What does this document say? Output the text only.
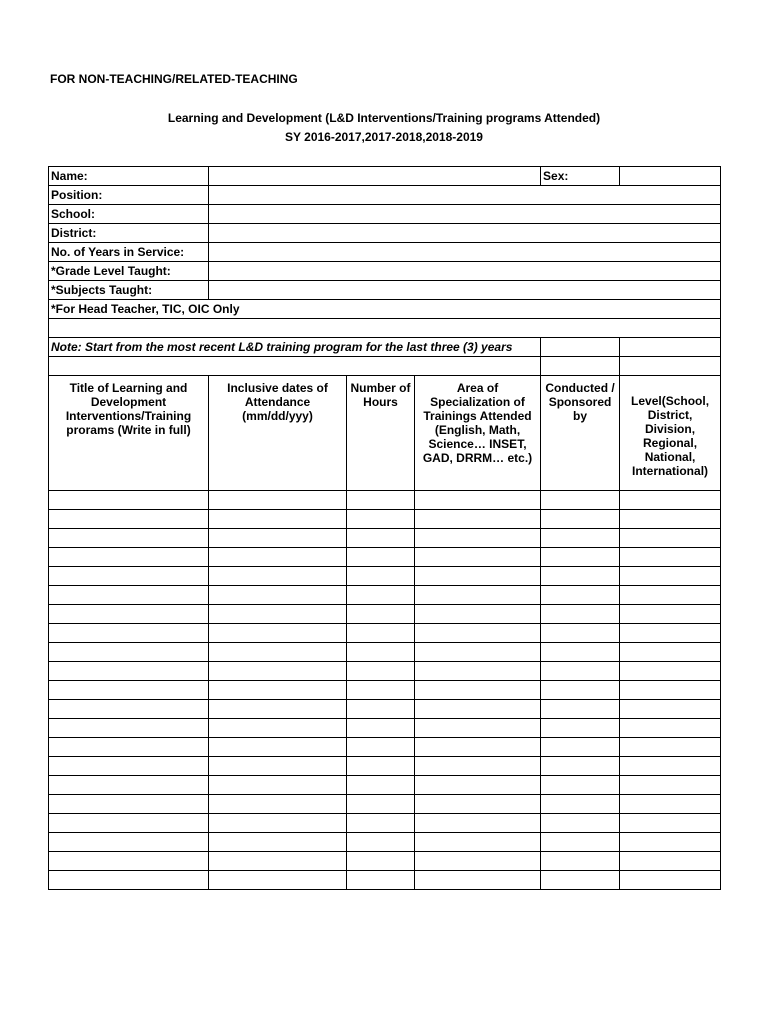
FOR NON-TEACHING/RELATED-TEACHING
Learning and Development (L&D Interventions/Training programs Attended)
SY 2016-2017,2017-2018,2018-2019
Name:				Sex:	
Position:					
School:					
District:					
No. of Years in Service:					
*Grade Level Taught:					
*Subjects Taught:					
*For Head Teacher, TIC, OIC Only					

Note: Start from the most recent L&D training program for the last three (3) years					

Title of Learning and Development Interventions/Training prorams (Write in full)	Inclusive dates of Attendance (mm/dd/yyy)	Number of Hours	Area of Specialization of Trainings Attended (English, Math, Science… INSET, GAD, DRRM… etc.)	Conducted / Sponsored by	Level(School, District, Division, Regional, National, International)
